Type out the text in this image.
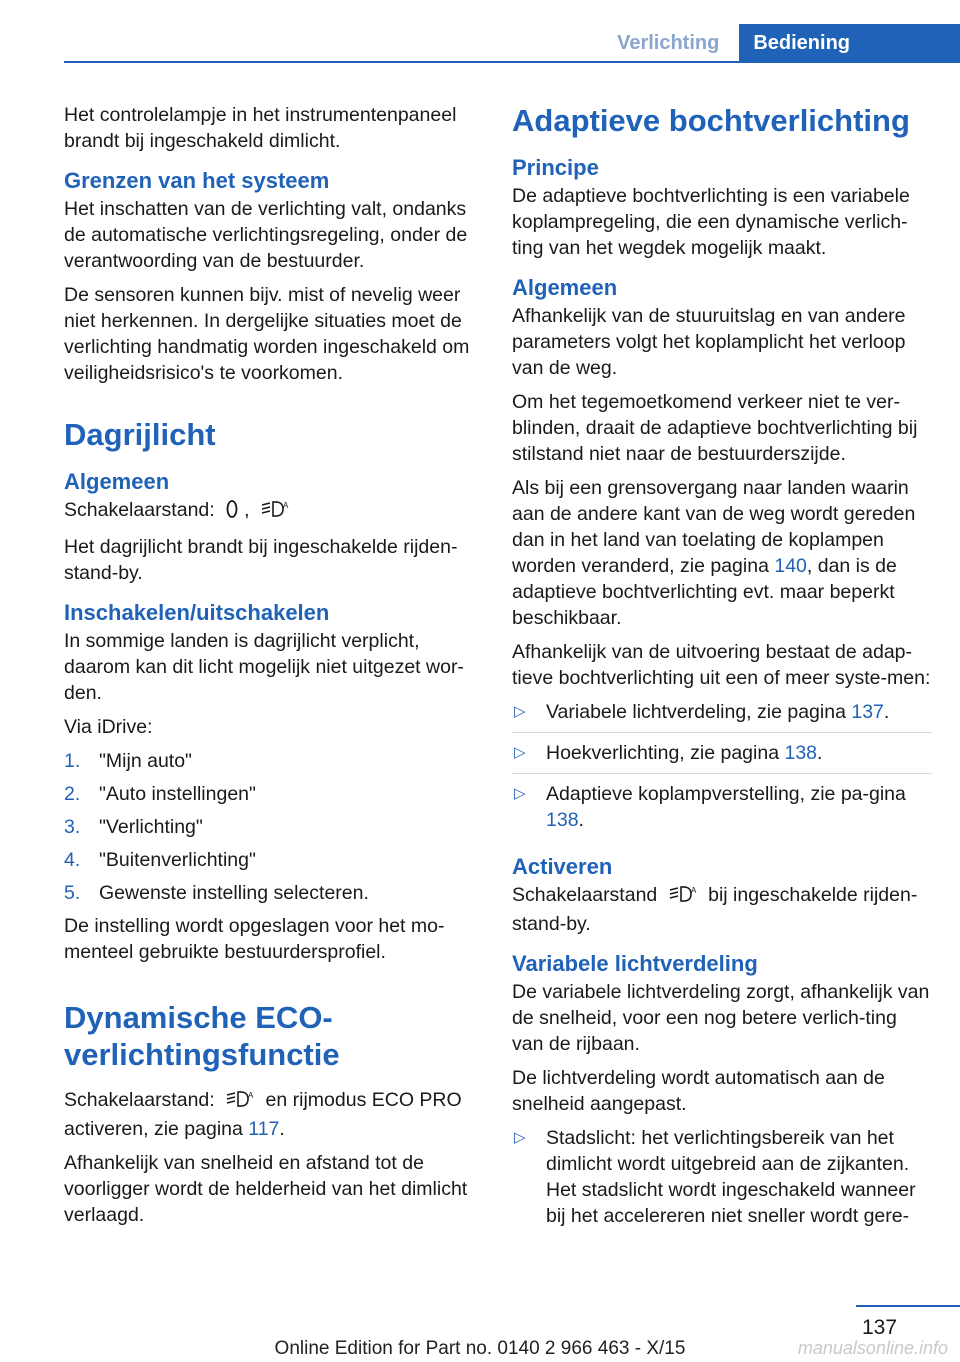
Verlichting	Bediening

Het controlelampje in het instrumentenpaneel brandt bij ingeschakeld dimlicht.

Grenzen van het systeem

Het inschatten van de verlichting valt, ondanks de automatische verlichtingsregeling, onder de verantwoording van de bestuurder.

De sensoren kunnen bijv. mist of nevelig weer niet herkennen. In dergelijke situaties moet de verlichting handmatig worden ingeschakeld om veiligheidsrisico's te voorkomen.

Dagrijlicht
Algemeen

Schakelaarstand: ,	A

Het dagrijlicht brandt bij ingeschakelde rijden‐stand-by.

Inschakelen/uitschakelen

In sommige landen is dagrijlicht verplicht, daarom kan dit licht mogelijk niet uitgezet wor‐den.

Via iDrive:

1. "Mijn auto"
2. "Auto instellingen"
3. "Verlichting"
4. "Buitenverlichting"
5. Gewenste instelling selecteren.

De instelling wordt opgeslagen voor het mo‐menteel gebruikte bestuurdersprofiel.

Dynamische ECO-verlichtingsfunctie

Schakelaarstand:	A en rijmodus ECO PRO activeren, zie pagina 117.

Afhankelijk van snelheid en afstand tot de voorligger wordt de helderheid van het dimlicht verlaagd.

Adaptieve bochtverlichting
Principe

De adaptieve bochtverlichting is een variabele koplampregeling, die een dynamische verlich‐ting van het wegdek mogelijk maakt.

Algemeen

Afhankelijk van de stuuruitslag en van andere parameters volgt het koplamplicht het verloop van de weg.

Om het tegemoetkomend verkeer niet te ver‐blinden, draait de adaptieve bochtverlichting bij stilstand niet naar de bestuurderszijde.

Als bij een grensovergang naar landen waarin aan de andere kant van de weg wordt gereden dan in het land van toelating de koplampen worden veranderd, zie pagina 140, dan is de adaptieve bochtverlichting evt. maar beperkt beschikbaar.

Afhankelijk van de uitvoering bestaat de adap‐tieve bochtverlichting uit een of meer syste‐men:

▷ Variabele lichtverdeling, zie pagina 137.
▷ Hoekverlichting, zie pagina 138.
▷ Adaptieve koplampverstelling, zie pa‐gina 138.
Activeren

Schakelaarstand	A bij ingeschakelde rijden‐stand-by.

Variabele lichtverdeling

De variabele lichtverdeling zorgt, afhankelijk van de snelheid, voor een nog betere verlich‐ting van de rijbaan.

De lichtverdeling wordt automatisch aan de snelheid aangepast.

▷ Stadslicht: het verlichtingsbereik van het dimlicht wordt uitgebreid aan de zijkanten. Het stadslicht wordt ingeschakeld wanneer bij het accelereren niet sneller wordt gere‐
137
Online Edition for Part no. 0140 2 966 463 - X/15	manualsonline.info
